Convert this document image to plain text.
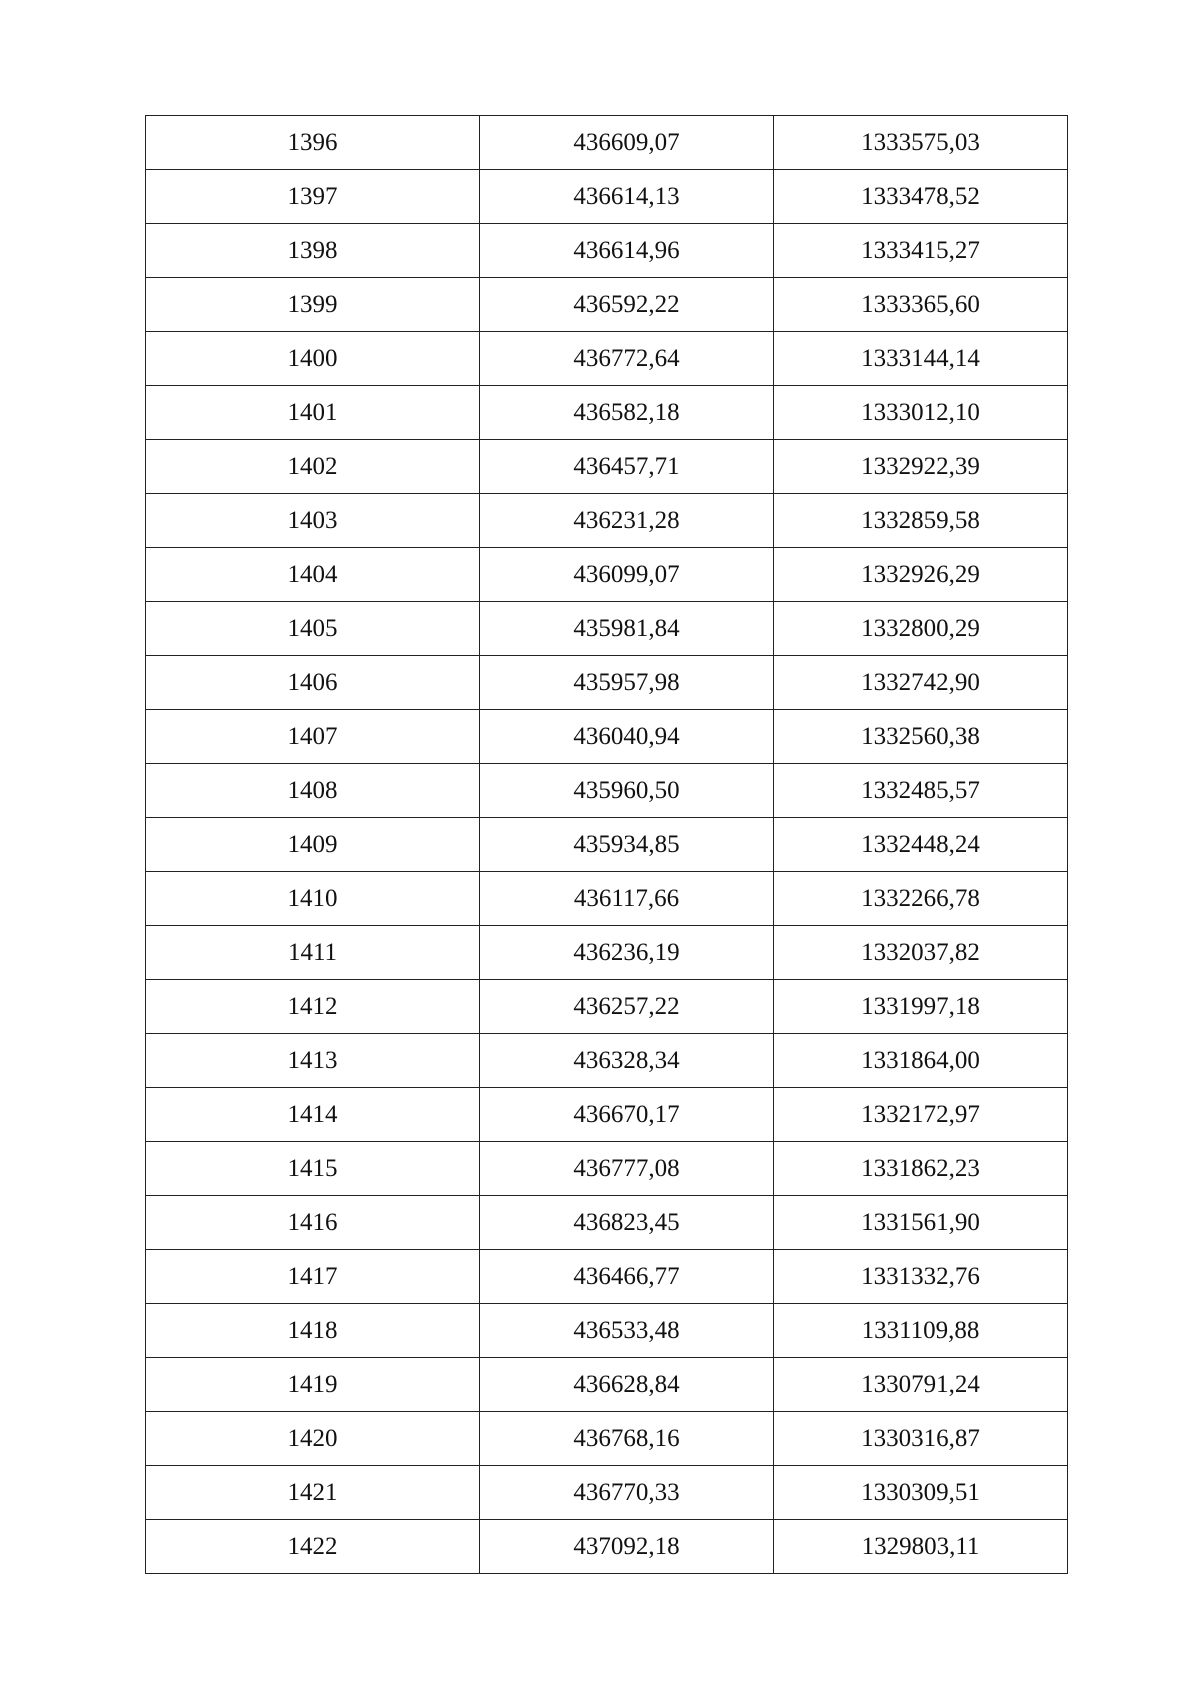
1396	436609,07	1333575,03
1397	436614,13	1333478,52
1398	436614,96	1333415,27
1399	436592,22	1333365,60
1400	436772,64	1333144,14
1401	436582,18	1333012,10
1402	436457,71	1332922,39
1403	436231,28	1332859,58
1404	436099,07	1332926,29
1405	435981,84	1332800,29
1406	435957,98	1332742,90
1407	436040,94	1332560,38
1408	435960,50	1332485,57
1409	435934,85	1332448,24
1410	436117,66	1332266,78
1411	436236,19	1332037,82
1412	436257,22	1331997,18
1413	436328,34	1331864,00
1414	436670,17	1332172,97
1415	436777,08	1331862,23
1416	436823,45	1331561,90
1417	436466,77	1331332,76
1418	436533,48	1331109,88
1419	436628,84	1330791,24
1420	436768,16	1330316,87
1421	436770,33	1330309,51
1422	437092,18	1329803,11
